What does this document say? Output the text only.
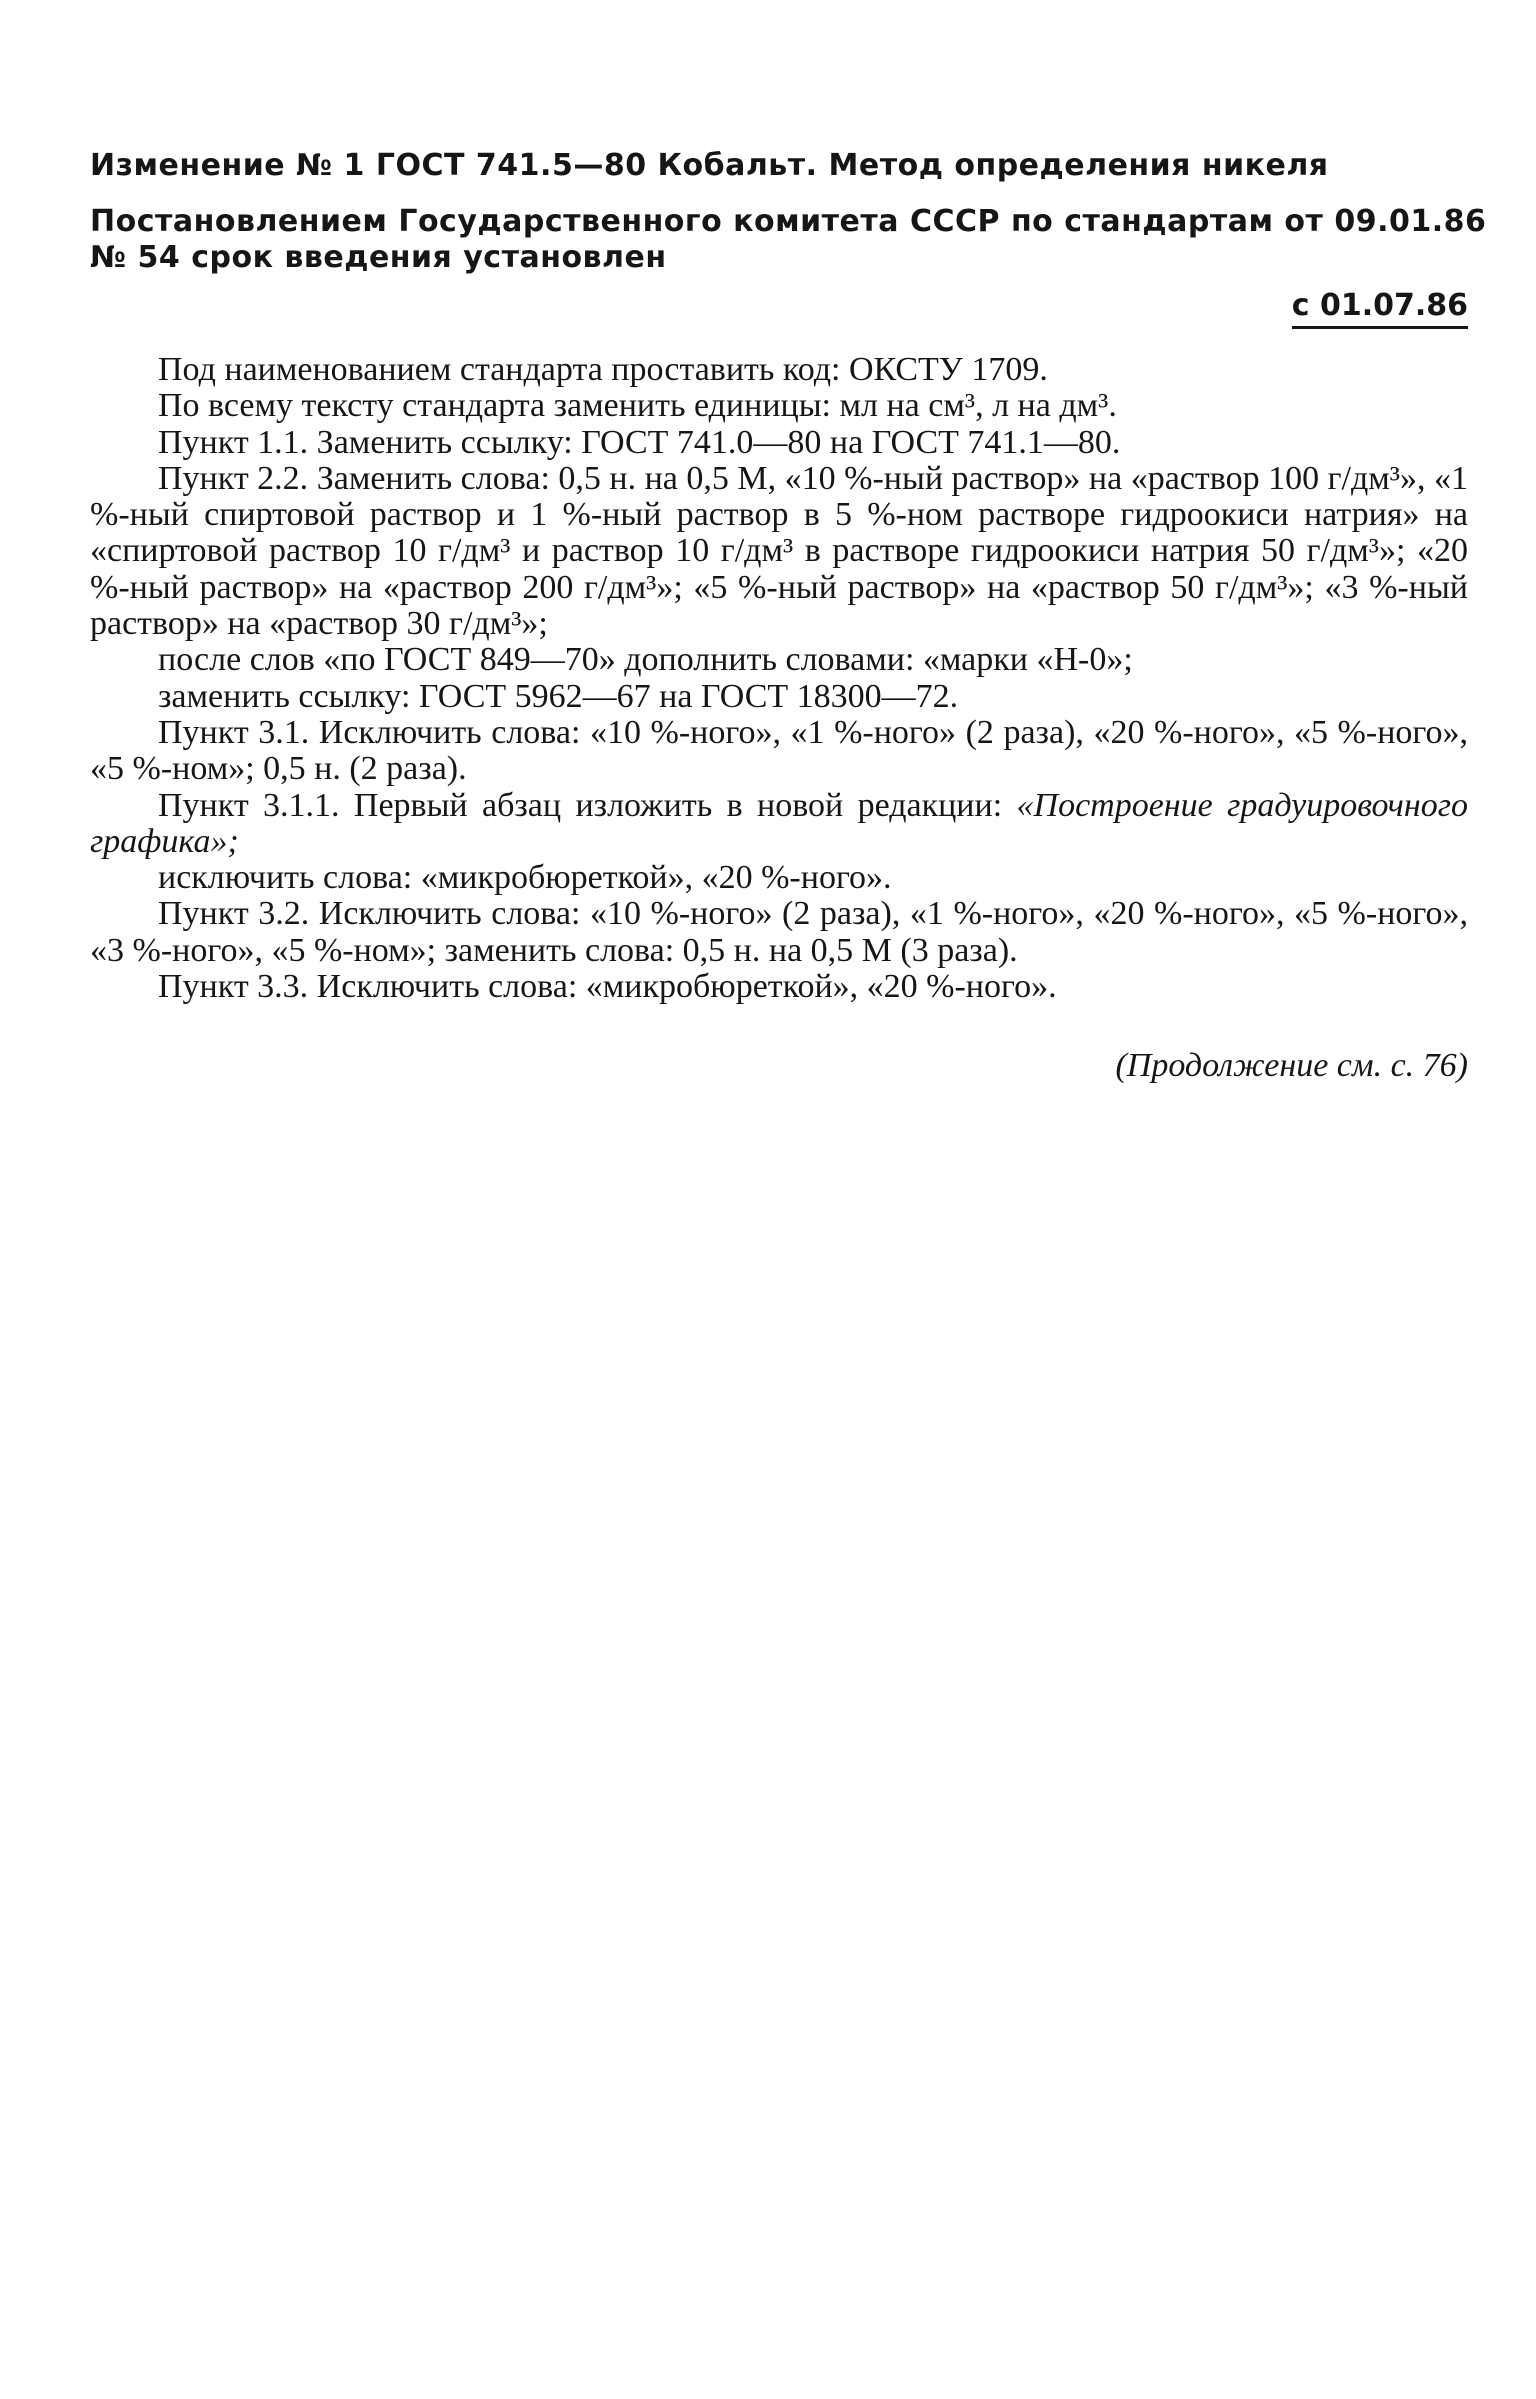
Изменение № 1 ГОСТ 741.5—80 Кобальт. Метод определения никеля
Постановлением Государственного комитета СССР по стандартам от 09.01.86
№ 54 срок введения установлен
с 01.07.86

Под наименованием стандарта проставить код: ОКСТУ 1709.

По всему тексту стандарта заменить единицы: мл на см³, л на дм³.

Пункт 1.1. Заменить ссылку: ГОСТ 741.0—80 на ГОСТ 741.1—80.

Пункт 2.2. Заменить слова: 0,5 н. на 0,5 М, «10 %-ный раствор» на «раствор 100 г/дм³», «1 %-ный спиртовой раствор и 1 %-ный раствор в 5 %-ном растворе гидроокиси натрия» на «спиртовой раствор 10 г/дм³ и раствор 10 г/дм³ в растворе гидроокиси натрия 50 г/дм³»; «20 %-ный раствор» на «раствор 200 г/дм³»; «5 %-ный раствор» на «раствор 50 г/дм³»; «3 %-ный раствор» на «раствор 30 г/дм³»;

после слов «по ГОСТ 849—70» дополнить словами: «марки «Н-0»;

заменить ссылку: ГОСТ 5962—67 на ГОСТ 18300—72.

Пункт 3.1. Исключить слова: «10 %-ного», «1 %-ного» (2 раза), «20 %-ного», «5 %-ного», «5 %-ном»; 0,5 н. (2 раза).

Пункт 3.1.1. Первый абзац изложить в новой редакции: «Построение градуировочного графика»;

исключить слова: «микробюреткой», «20 %-ного».

Пункт 3.2. Исключить слова: «10 %-ного» (2 раза), «1 %-ного», «20 %-ного», «5 %-ного», «3 %-ного», «5 %-ном»; заменить слова: 0,5 н. на 0,5 М (3 раза).

Пункт 3.3. Исключить слова: «микробюреткой», «20 %-ного».

(Продолжение см. с. 76)
